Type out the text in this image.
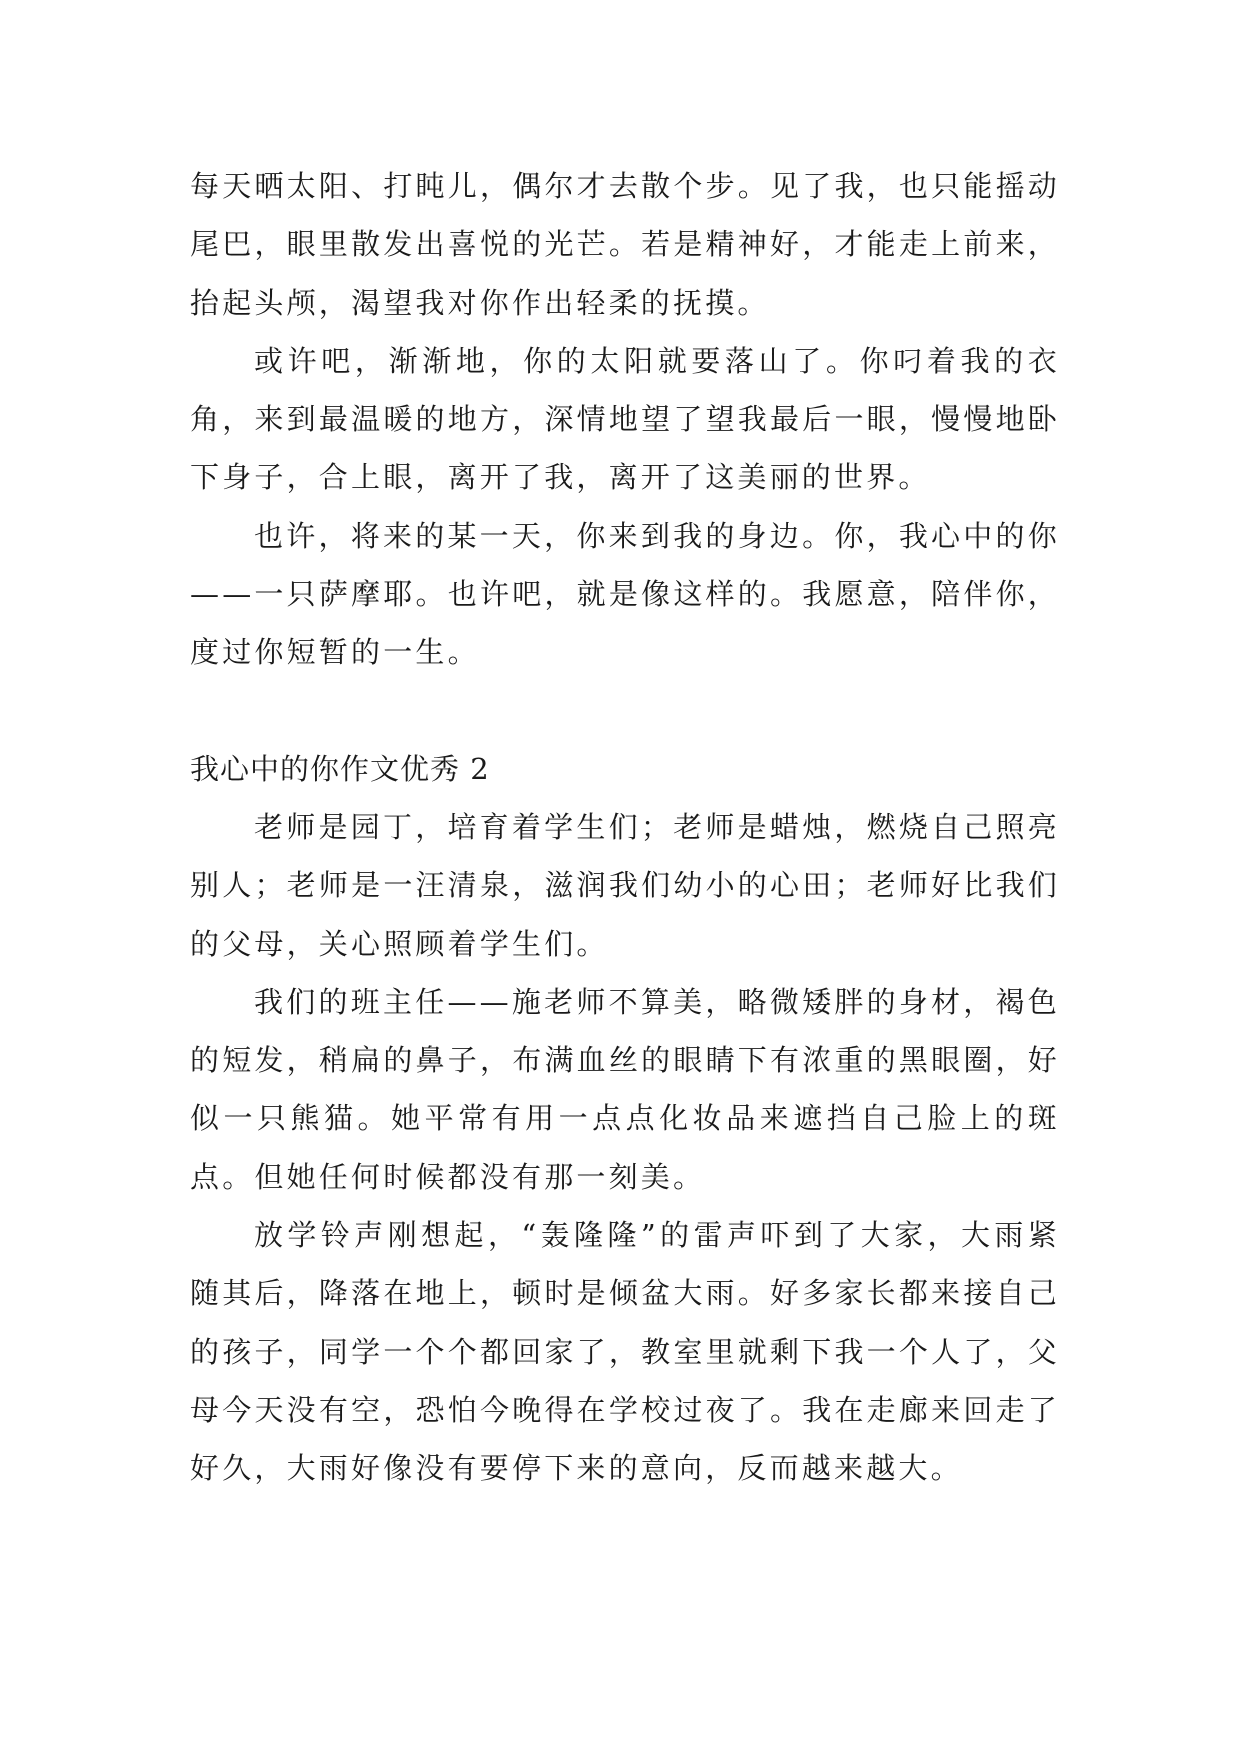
每天晒太阳、打盹儿，偶尔才去散个步。见了我，也只能摇动尾巴，眼里散发出喜悦的光芒。若是精神好，才能走上前来，抬起头颅，渴望我对你作出轻柔的抚摸。

或许吧，渐渐地，你的太阳就要落山了。你叼着我的衣角，来到最温暖的地方，深情地望了望我最后一眼，慢慢地卧下身子，合上眼，离开了我，离开了这美丽的世界。

也许，将来的某一天，你来到我的身边。你，我心中的你——一只萨摩耶。也许吧，就是像这样的。我愿意，陪伴你，度过你短暂的一生。

我心中的你作文优秀 2

老师是园丁，培育着学生们；老师是蜡烛，燃烧自己照亮别人；老师是一汪清泉，滋润我们幼小的心田；老师好比我们的父母，关心照顾着学生们。

我们的班主任——施老师不算美，略微矮胖的身材，褐色的短发，稍扁的鼻子，布满血丝的眼睛下有浓重的黑眼圈，好似一只熊猫。她平常有用一点点化妆品来遮挡自己脸上的斑点。但她任何时候都没有那一刻美。

放学铃声刚想起，“轰隆隆”的雷声吓到了大家，大雨紧随其后，降落在地上，顿时是倾盆大雨。好多家长都来接自己的孩子，同学一个个都回家了，教室里就剩下我一个人了，父母今天没有空，恐怕今晚得在学校过夜了。我在走廊来回走了好久，大雨好像没有要停下来的意向，反而越来越大。
